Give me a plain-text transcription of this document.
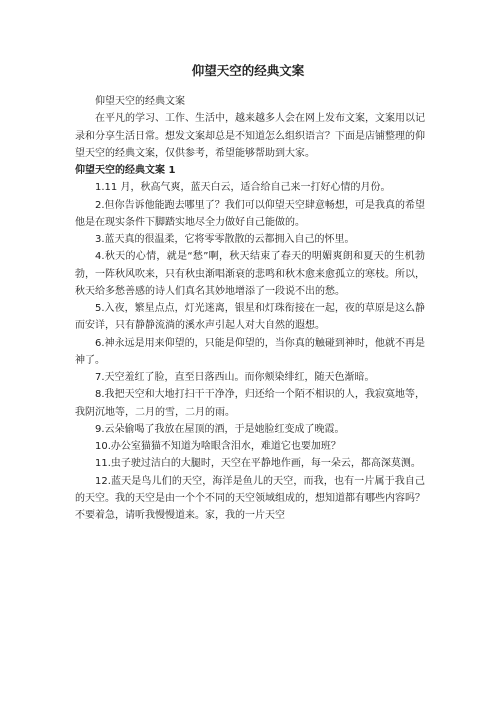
仰望天空的经典文案

仰望天空的经典文案

在平凡的学习、工作、生活中，越来越多人会在网上发布文案，文案用以记录和分享生活日常。想发文案却总是不知道怎么组织语言？下面是店铺整理的仰望天空的经典文案，仅供参考，希望能够帮助到大家。

仰望天空的经典文案 1

1.11 月，秋高气爽，蓝天白云，适合给自己来一打好心情的月份。

2.但你告诉他能跑去哪里了？我们可以仰望天空肆意畅想，可是我真的希望他是在现实条件下脚踏实地尽全力做好自己能做的。

3.蓝天真的很温柔，它将零零散散的云都拥入自己的怀里。

4.秋天的心情，就是“愁”啊，秋天结束了春天的明媚爽朗和夏天的生机勃勃，一阵秋风吹来，只有秋虫渐唱渐衰的悲鸣和秋木愈来愈孤立的寒枝。所以，秋天给多愁善感的诗人们真名其妙地增添了一段说不出的愁。

5.入夜，繁星点点，灯光迷离，银星和灯珠衔接在一起，夜的草原是这么静而安详，只有静静流淌的溪水声引起人对大自然的遐想。

6.神永远是用来仰望的，只能是仰望的，当你真的触碰到神时，他就不再是神了。

7.天空羞红了脸，直至日落西山。而你颊染绯红，随天色渐暗。

8.我把天空和大地打扫干干净净，归还给一个陌不相识的人，我寂寞地等，我阴沉地等，二月的雪，二月的雨。

9.云朵偷喝了我放在屋顶的酒，于是她脸红变成了晚霞。

10.办公室猫猫不知道为啥眼含泪水，难道它也要加班？

11.虫子驶过洁白的大腿时，天空在平静地作画，每一朵云，都高深莫测。

12.蓝天是鸟儿们的天空，海洋是鱼儿的天空，而我，也有一片属于我自己的天空。我的天空是由一个个不同的天空领域组成的，想知道都有哪些内容吗？不要着急，请听我慢慢道来。家，我的一片天空
